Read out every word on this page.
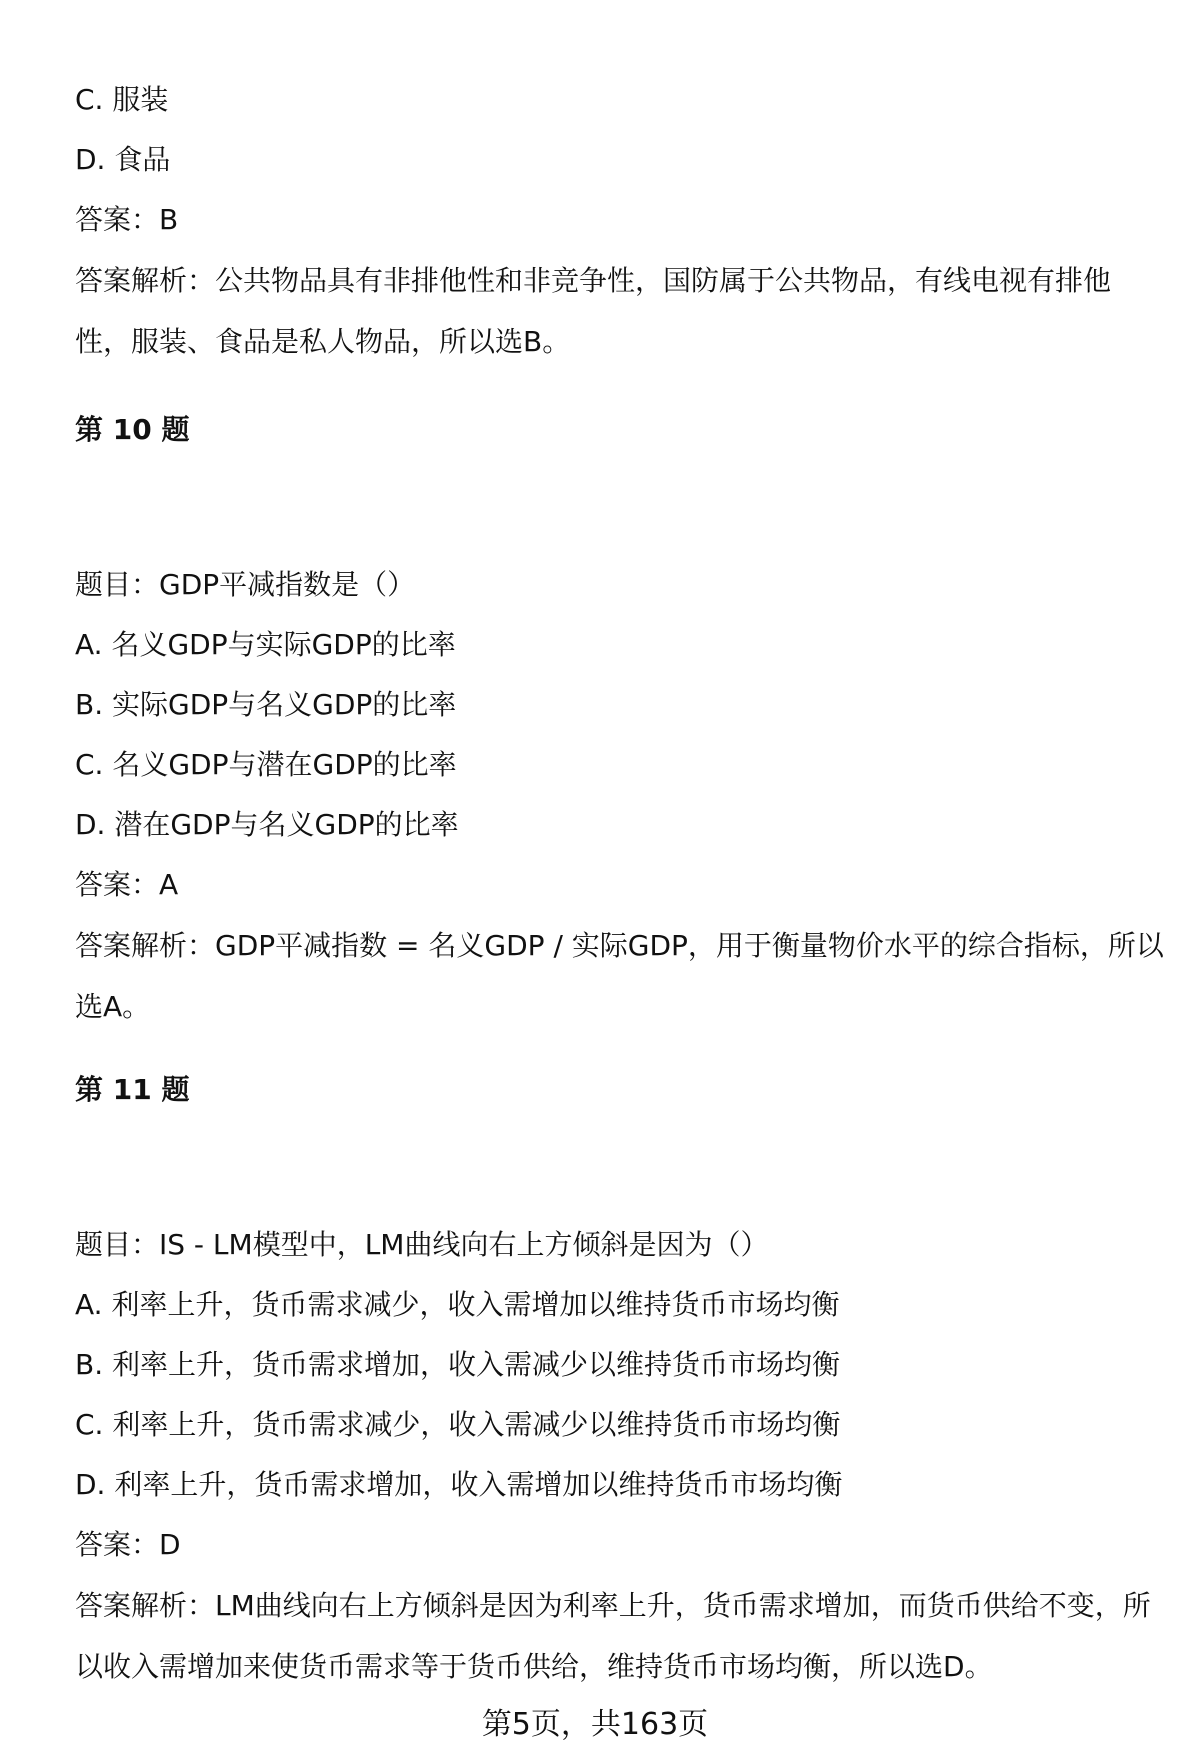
C. 服装
D. 食品
答案：B
答案解析：公共物品具有非排他性和非竞争性，国防属于公共物品，有线电视有排他性，服装、食品是私人物品，所以选B。
第 10 题
题目：GDP平减指数是（）
A. 名义GDP与实际GDP的比率
B. 实际GDP与名义GDP的比率
C. 名义GDP与潜在GDP的比率
D. 潜在GDP与名义GDP的比率
答案：A
答案解析：GDP平减指数 = 名义GDP / 实际GDP，用于衡量物价水平的综合指标，所以选A。
第 11 题
题目：IS - LM模型中，LM曲线向右上方倾斜是因为（）
A. 利率上升，货币需求减少，收入需增加以维持货币市场均衡
B. 利率上升，货币需求增加，收入需减少以维持货币市场均衡
C. 利率上升，货币需求减少，收入需减少以维持货币市场均衡
D. 利率上升，货币需求增加，收入需增加以维持货币市场均衡
答案：D
答案解析：LM曲线向右上方倾斜是因为利率上升，货币需求增加，而货币供给不变，所以收入需增加来使货币需求等于货币供给，维持货币市场均衡，所以选D。
第5页，共163页
